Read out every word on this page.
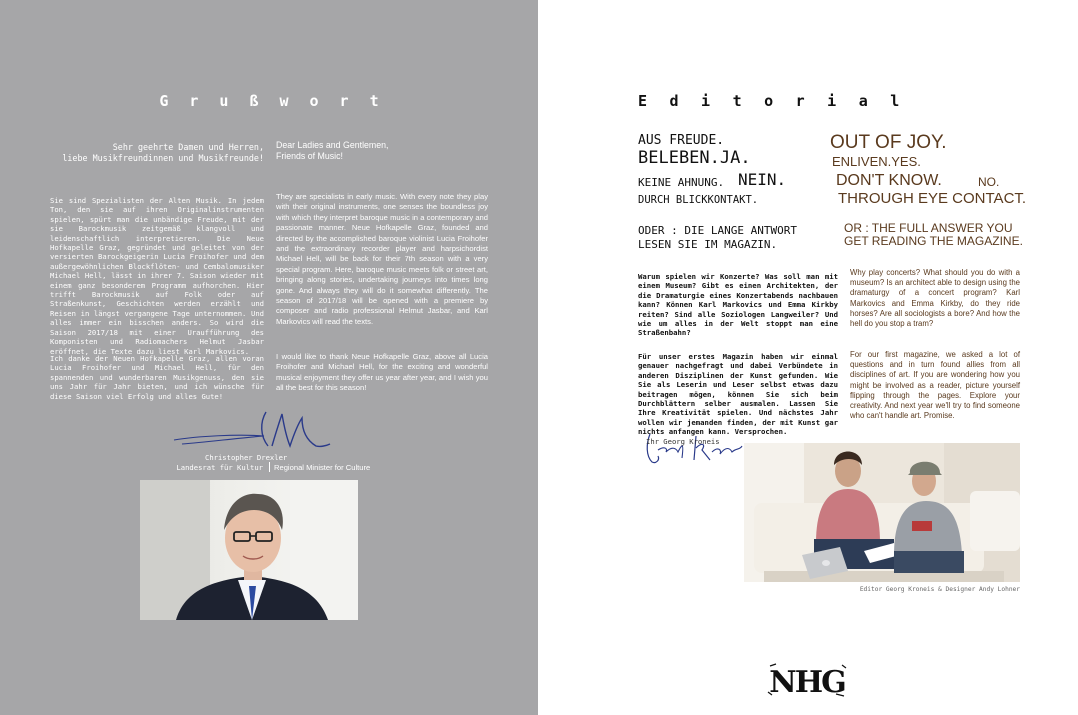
Grußwort
Sehr geehrte Damen und Herren,
liebe Musikfreundinnen und Musikfreunde!
Dear Ladies and Gentlemen,
Friends of Music!
Sie sind Spezialisten der Alten Musik. In jedem Ton, den sie auf ihren Originalinstrumenten spielen, spürt man die unbändige Freude, mit der sie Barockmusik zeitgemäß klangvoll und leidenschaftlich interpretieren. Die Neue Hofkapelle Graz, gegründet und geleitet von der versierten Barockgeigerin Lucia Froihofer und dem außergewöhnlichen Blockflöten- und Cembalomusiker Michael Hell, lässt in ihrer 7. Saison wieder mit einem ganz besonderem Programm aufhorchen. Hier trifft Barockmusik auf Folk oder auf Straßenkunst, Geschichten werden erzählt und Reisen in längst vergangene Tage unternommen. Und alles immer ein bisschen anders. So wird die Saison 2017/18 mit einer Uraufführung des Komponisten und Radiomachers Helmut Jasbar eröffnet, die Texte dazu liest Karl Markovics.
They are specialists in early music. With every note they play with their original instruments, one senses the boundless joy with which they interpret baroque music in a contemporary and passionate manner. Neue Hofkapelle Graz, founded and directed by the accomplished baroque violinist Lucia Froihofer and the extraordinary recorder player and harpsichordist Michael Hell, will be back for their 7th season with a very special program. Here, baroque music meets folk or street art, bringing along stories, undertaking journeys into times long gone. And always they will do it somewhat differently. The season of 2017/18 will be opened with a premiere by composer and radio professional Helmut Jasbar, and Karl Markovics will read the texts.
Ich danke der Neuen Hofkapelle Graz, allen voran Lucia Froihofer und Michael Hell, für den spannenden und wunderbaren Musikgenuss, den sie uns Jahr für Jahr bieten, und ich wünsche für diese Saison viel Erfolg und alles Gute!
I would like to thank Neue Hofkapelle Graz, above all Lucia Froihofer and Michael Hell, for the exciting and wonderful musical enjoyment they offer us year after year, and I wish you all the best for this season!
Christopher Drexler
Landesrat für Kultur Regional Minister for Culture
Editorial
AUS FREUDE.
BELEBEN.JA.
KEINE AHNUNG. NEIN.
DURCH BLICKKONTAKT.
ODER : DIE LANGE ANTWORT
LESEN SIE IM MAGAZIN.
OUT OF JOY.
ENLIVEN.YES.
DON'T KNOW.	NO.
THROUGH EYE CONTACT.
OR : THE FULL ANSWER YOU
GET READING THE MAGAZINE.
Warum spielen wir Konzerte? Was soll man mit einem Museum? Gibt es einen Architekten, der die Dramaturgie eines Konzertabends nachbauen kann? Können Karl Markovics und Emma Kirkby reiten? Sind alle Soziologen Langweiler? Und wie um alles in der Welt stoppt man eine Straßenbahn?
Why play concerts? What should you do with a museum? Is an architect able to design using the dramaturgy of a concert program? Karl Markovics and Emma Kirkby, do they ride horses? Are all sociologists a bore? And how the hell do you stop a tram?
Für unser erstes Magazin haben wir einmal genauer nachgefragt und dabei Verbündete in anderen Disziplinen der Kunst gefunden. Wie Sie als Leserin und Leser selbst etwas dazu beitragen mögen, können Sie sich beim Durchblättern selber ausmalen. Lassen Sie Ihre Kreativität spielen. Und nächstes Jahr wollen wir jemanden finden, der mit Kunst gar nichts anfangen kann. Versprochen.
For our first magazine, we asked a lot of questions and in turn found allies from all disciplines of art. If you are wondering how you might be involved as a reader, picture yourself flipping through the pages. Explore your creativity. And next year we'll try to find someone who can't handle art. Promise.
Ihr Georg Kroneis
Editor Georg Kroneis & Designer Andy Lohner
NHG
